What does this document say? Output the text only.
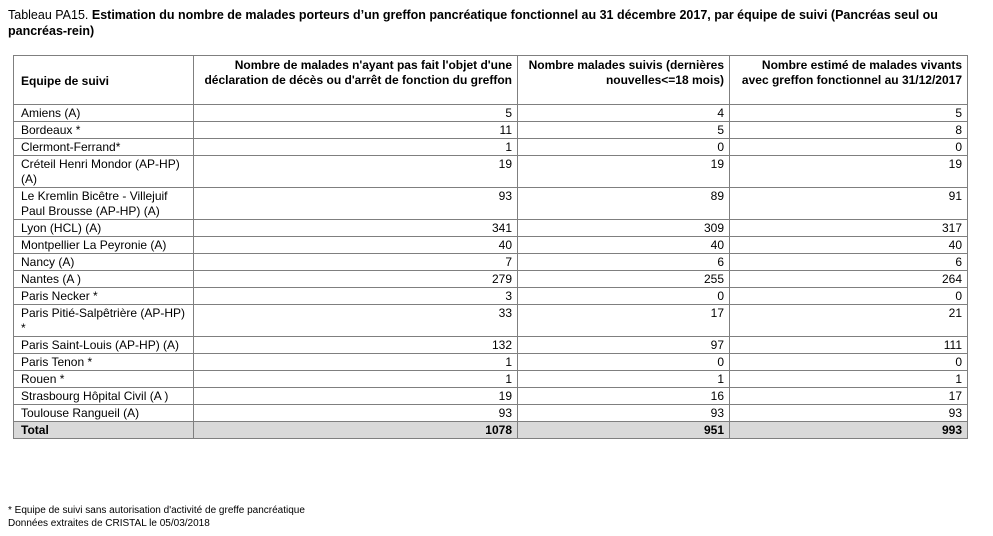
Tableau PA15. Estimation du nombre de malades porteurs d’un greffon pancréatique fonctionnel au 31 décembre 2017, par équipe de suivi (Pancréas seul ou pancréas-rein)
Equipe de suivi	Nombre de malades n'ayant pas fait l'objet d'une déclaration de décès ou d'arrêt de fonction du greffon	Nombre malades suivis (dernières nouvelles<=18 mois)	Nombre estimé de malades vivants avec greffon fonctionnel au 31/12/2017
Amiens (A)	5	4	5
Bordeaux *	11	5	8
Clermont-Ferrand*	1	0	0
Créteil Henri Mondor (AP-HP) (A)	19	19	19
Le Kremlin Bicêtre - Villejuif Paul Brousse (AP-HP) (A)	93	89	91
Lyon (HCL) (A)	341	309	317
Montpellier La Peyronie (A)	40	40	40
Nancy (A)	7	6	6
Nantes (A )	279	255	264
Paris Necker *	3	0	0
Paris Pitié-Salpêtrière (AP-HP) *	33	17	21
Paris Saint-Louis (AP-HP) (A)	132	97	111
Paris Tenon *	1	0	0
Rouen *	1	1	1
Strasbourg Hôpital Civil (A )	19	16	17
Toulouse Rangueil (A)	93	93	93
Total	1078	951	993
* Equipe de suivi sans autorisation d'activité de greffe pancréatique
Données extraites de CRISTAL le 05/03/2018
